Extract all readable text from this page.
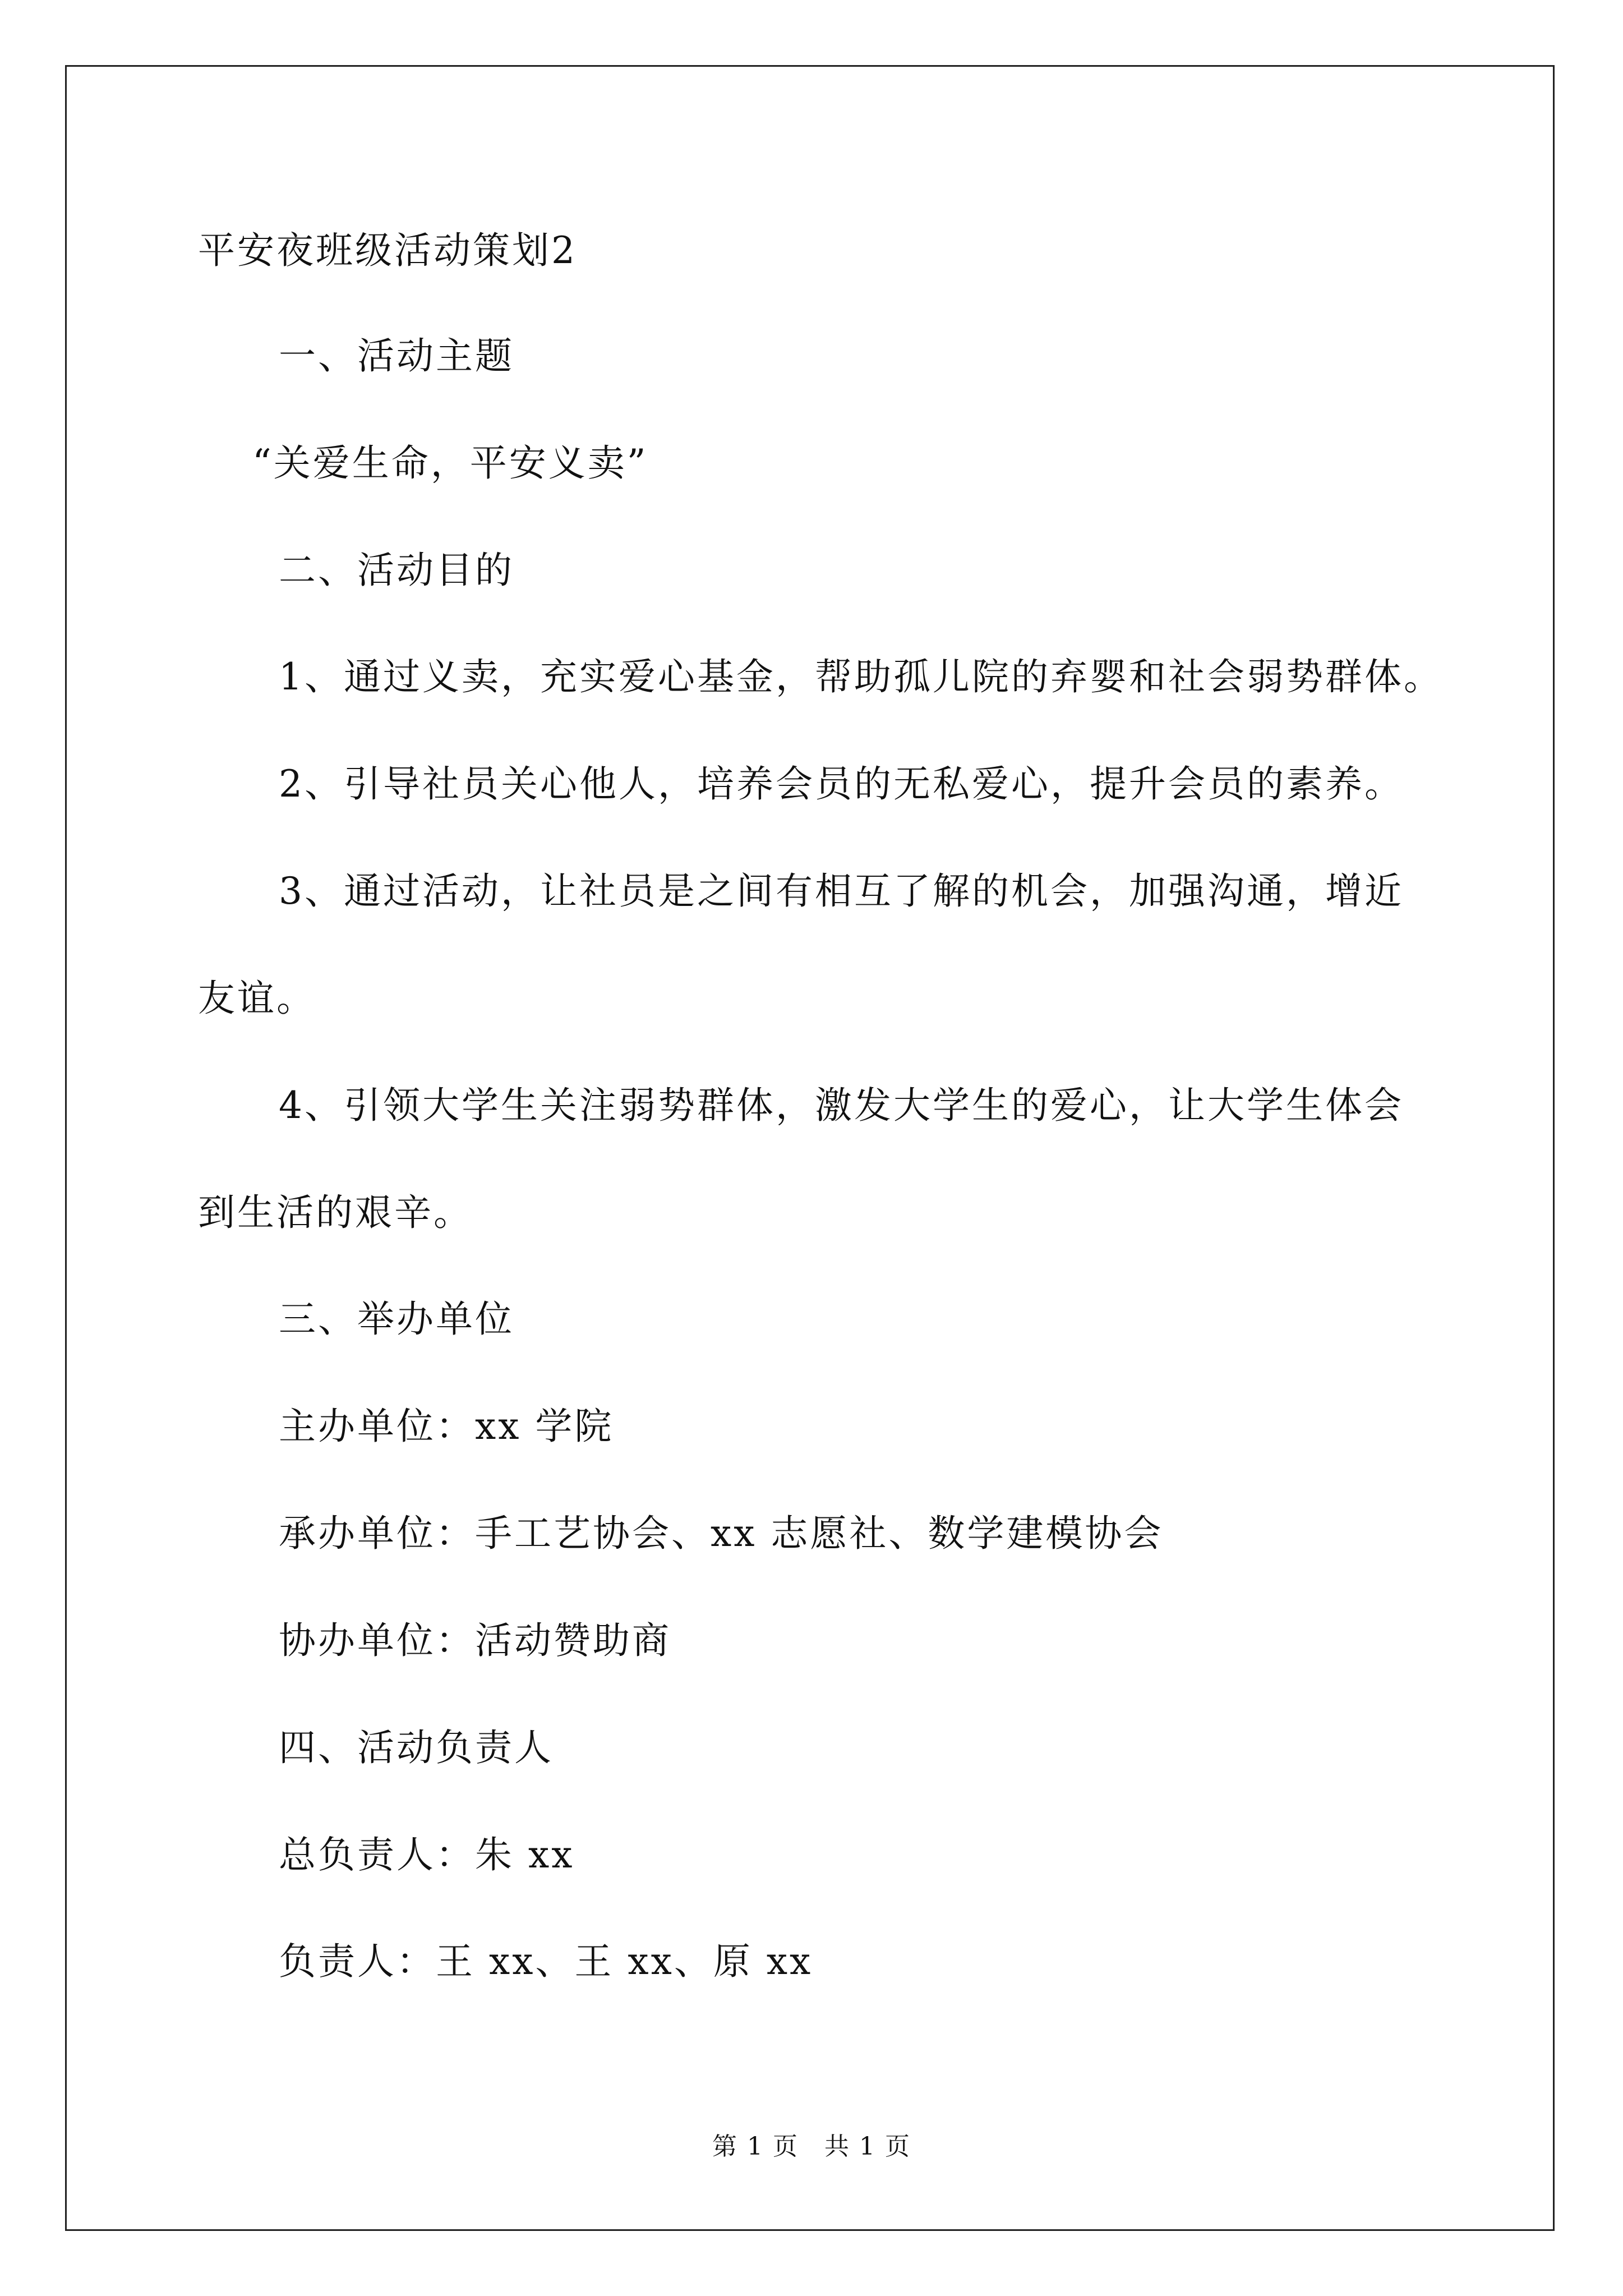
平安夜班级活动策划2
一、活动主题
“关爱生命，平安义卖”
二、活动目的
1、通过义卖，充实爱心基金，帮助孤儿院的弃婴和社会弱势群体。
2、引导社员关心他人，培养会员的无私爱心，提升会员的素养。
3、通过活动，让社员是之间有相互了解的机会，加强沟通，增近
友谊。
4、引领大学生关注弱势群体，激发大学生的爱心，让大学生体会
到生活的艰辛。
三、举办单位
主办单位：xx 学院
承办单位：手工艺协会、xx 志愿社、数学建模协会
协办单位：活动赞助商
四、活动负责人
总负责人：朱 xx
负责人：王 xx、王 xx、原 xx
第 1 页　共 1 页
